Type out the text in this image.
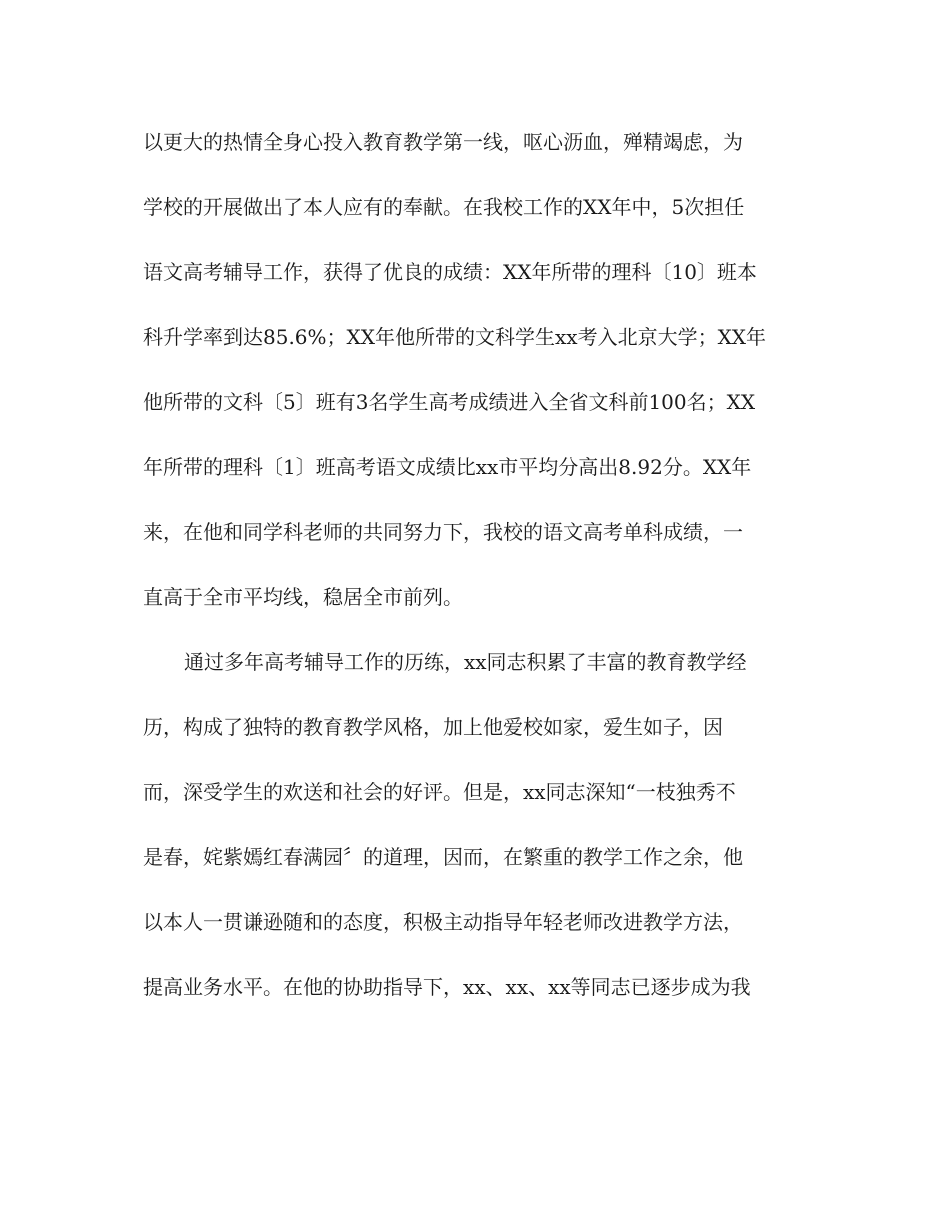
以更大的热情全身心投入教育教学第一线，呕心沥血，殚精竭虑，为
学校的开展做出了本人应有的奉献。在我校工作的XX年中，5次担任
语文高考辅导工作，获得了优良的成绩：XX年所带的理科〔10〕班本
科升学率到达85.6%；XX年他所带的文科学生xx考入北京大学；XX年
他所带的文科〔5〕班有3名学生高考成绩进入全省文科前100名；XX
年所带的理科〔1〕班高考语文成绩比xx市平均分高出8.92分。XX年
来，在他和同学科老师的共同努力下，我校的语文高考单科成绩，一
直高于全市平均线，稳居全市前列。
通过多年高考辅导工作的历练，xx同志积累了丰富的教育教学经
历，构成了独特的教育教学风格，加上他爱校如家，爱生如子，因
而，深受学生的欢送和社会的好评。但是，xx同志深知“一枝独秀不
是春，姹紫嫣红春满园〞的道理，因而，在繁重的教学工作之余，他
以本人一贯谦逊随和的态度，积极主动指导年轻老师改进教学方法，
提高业务水平。在他的协助指导下，xx、xx、xx等同志已逐步成为我
